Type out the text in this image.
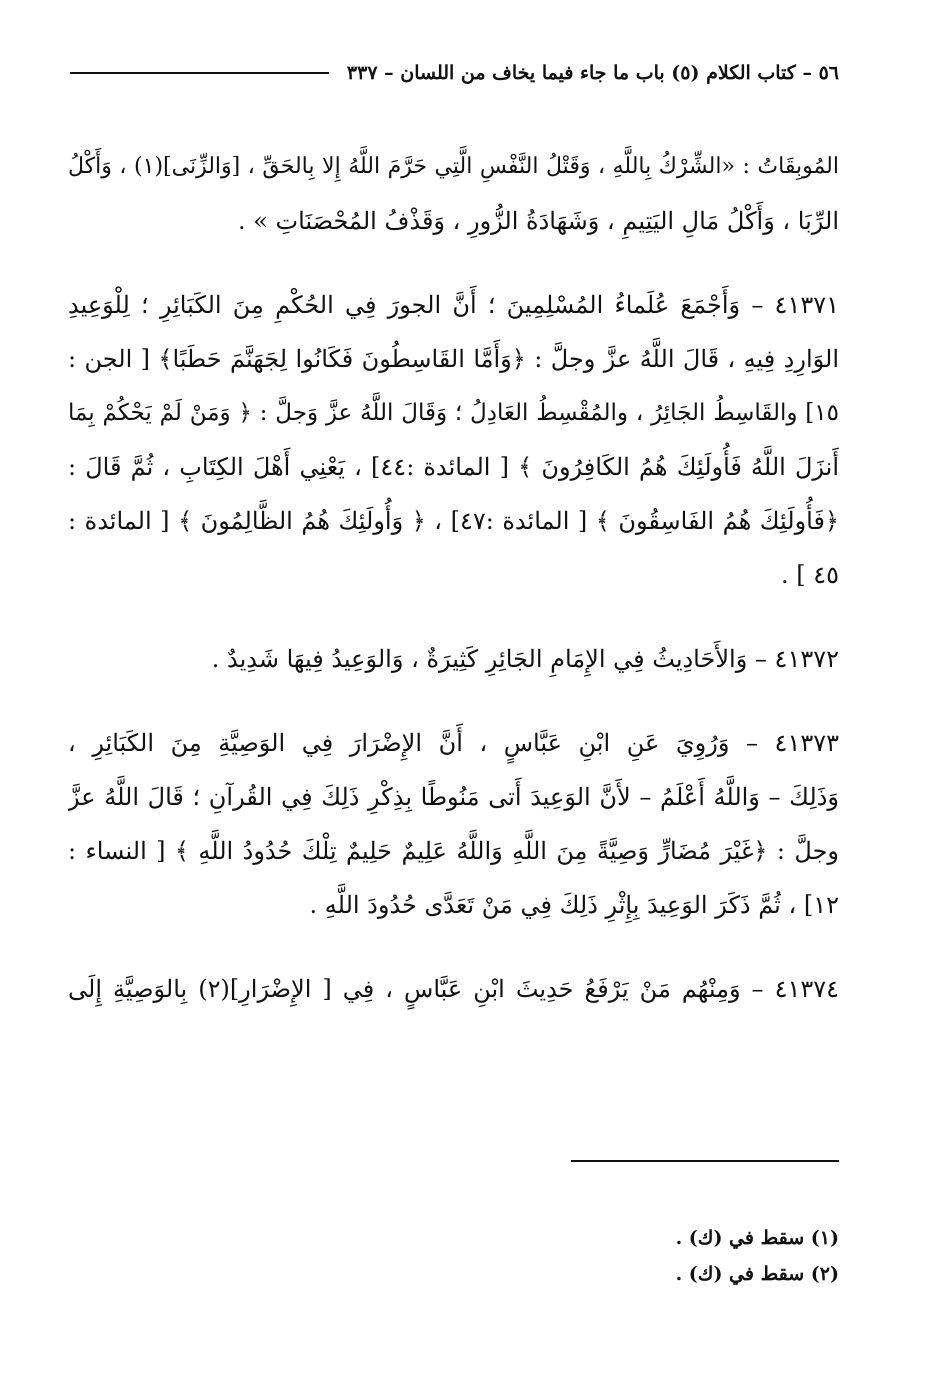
٥٦ – كتاب الكلام (٥) باب ما جاء فيما يخاف من اللسان – ٣٣٧
المُوبِقَاتُ : «الشِّرْكُ بِاللَّهِ ، وَقَتْلُ النَّفْسِ الَّتِي حَرَّمَ اللَّهُ إِلا بِالحَقِّ ، [وَالزِّنَى](١) ، وَأَكْلُ
الرِّبَا ، وَأَكْلُ مَالِ اليَتِيمِ ، وَشَهَادَةُ الزُّورِ ، وَقَذْفُ المُحْصَنَاتِ » .
٤١٣٧١ – وَأَجْمَعَ عُلَماءُ المُسْلِمِينَ ؛ أَنَّ الجورَ فِي الحُكْمِ مِنَ الكَبَائِرِ ؛ لِلْوَعِيدِ
الوَارِدِ فِيهِ ، قَالَ اللَّهُ عزَّ وجلَّ : ﴿وَأَمَّا القَاسِطُونَ فَكَانُوا لِجَهَنَّمَ حَطَبًا﴾ [ الجن :
١٥] والقَاسِطُ الجَائِرُ ، والمُقْسِطُ العَادِلُ ؛ وَقَالَ اللَّهُ عزَّ وَجلَّ : ﴿ وَمَنْ لَمْ يَحْكُمْ بِمَا
أَنزَلَ اللَّهُ فَأُولَئِكَ هُمُ الكَافِرُونَ ﴾ [ المائدة :٤٤] ، يَعْنِي أَهْلَ الكِتَابِ ، ثُمَّ قَالَ :
﴿فَأُولَئِكَ هُمُ الفَاسِقُونَ ﴾ [ المائدة :٤٧] ، ﴿ وَأُولَئِكَ هُمُ الظَّالِمُونَ ﴾ [ المائدة :
٤٥ ] .
٤١٣٧٢ – وَالأَحَادِيثُ فِي الإِمَامِ الجَائِرِ كَثِيرَةٌ ، وَالوَعِيدُ فِيهَا شَدِيدٌ .
٤١٣٧٣ – وَرُوِيَ عَنِ ابْنِ عَبَّاسٍ ، أَنَّ الإِضْرَارَ فِي الوَصِيَّةِ مِنَ الكَبَائِرِ ،
وَذَلِكَ – وَاللَّهُ أَعْلَمُ – لأَنَّ الوَعِيدَ أَتى مَنُوطًا بِذِكْرِ ذَلِكَ فِي القُرآنِ ؛ قَالَ اللَّهُ عزَّ
وجلَّ : ﴿غَيْرَ مُضَارٍّ وَصِيَّةً مِنَ اللَّهِ وَاللَّهُ عَلِيمٌ حَلِيمٌ تِلْكَ حُدُودُ اللَّهِ ﴾ [ النساء :
١٢] ، ثُمَّ ذَكَرَ الوَعِيدَ بِإِثْرِ ذَلِكَ فِي مَنْ تَعَدَّى حُدُودَ اللَّهِ .
٤١٣٧٤ – وَمِنْهُم مَنْ يَرْفَعُ حَدِيثَ ابْنِ عَبَّاسٍ ، فِي [ الإِضْرَارِ](٢) بِالوَصِيَّةِ إِلَى
(١) سقط في (ك) .
(٢) سقط في (ك) .
